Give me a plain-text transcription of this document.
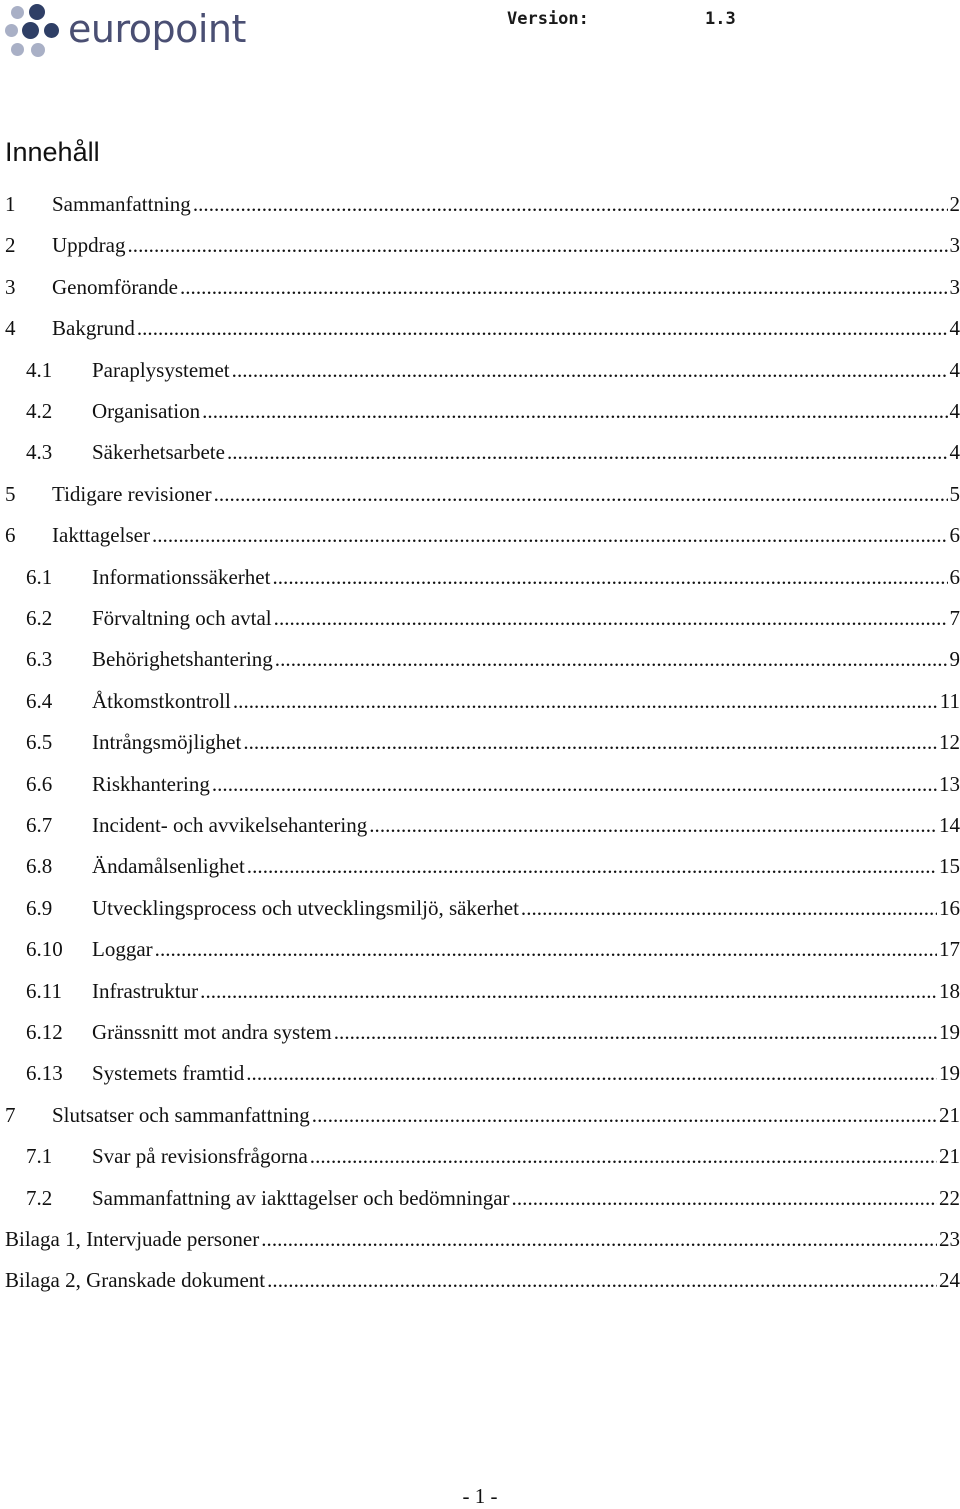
europoint	Version:	1.3
Innehåll
1	Sammanfattning . . .	2
2	Uppdrag . . .	3
3	Genomförande . . .	3
4	Bakgrund . . .	4
4.1	Paraplysystemet . . .	4
4.2	Organisation . . .	4
4.3	Säkerhetsarbete . . .	4
5	Tidigare revisioner . . .	5
6	Iakttagelser . . .	6
6.1	Informationssäkerhet . . .	6
6.2	Förvaltning och avtal . . .	7
6.3	Behörighetshantering . . .	9
6.4	Åtkomstkontroll . . .	11
6.5	Intrångsmöjlighet . . .	12
6.6	Riskhantering . . .	13
6.7	Incident- och avvikelsehantering . . .	14
6.8	Ändamålsenlighet . . .	15
6.9	Utvecklingsprocess och utvecklingsmiljö, säkerhet . . .	16
6.10	Loggar . . .	17
6.11	Infrastruktur . . .	18
6.12	Gränssnitt mot andra system . . .	19
6.13	Systemets framtid . . .	19
7	Slutsatser och sammanfattning . . .	21
7.1	Svar på revisionsfrågorna . . .	21
7.2	Sammanfattning av iakttagelser och bedömningar . . .	22
Bilaga 1, Intervjuade personer . . .	23
Bilaga 2, Granskade dokument . . .	24
- 1 -
